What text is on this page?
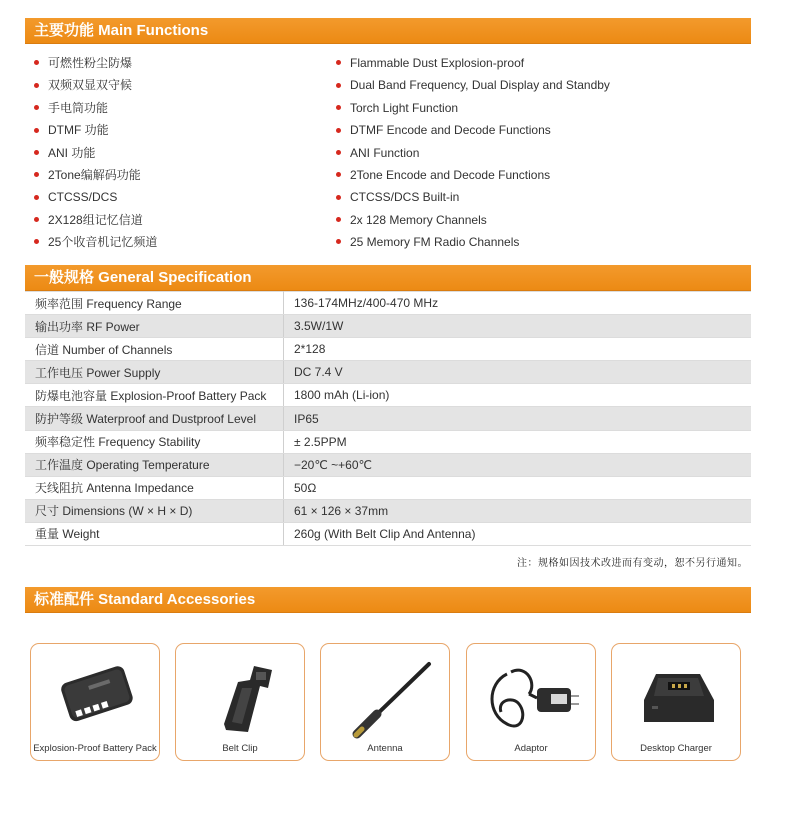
主要功能 Main Functions
可燃性粉尘防爆
双频双显双守候
手电筒功能
DTMF 功能
ANI 功能
2Tone编解码功能
CTCSS/DCS
2X128组记忆信道
25个收音机记忆频道
Flammable Dust Explosion-proof
Dual Band Frequency, Dual Display and Standby
Torch Light Function
DTMF Encode and Decode Functions
ANI Function
2Tone Encode and Decode Functions
CTCSS/DCS Built-in
2x 128 Memory Channels
25 Memory FM Radio Channels
一般规格 General Specification
频率范围 Frequency Range	136-174MHz/400-470 MHz
输出功率 RF Power	3.5W/1W
信道 Number of Channels	2*128
工作电压 Power Supply	DC 7.4 V
防爆电池容量 Explosion-Proof Battery Pack	1800 mAh (Li-ion)
防护等级 Waterproof and Dustproof Level	IP65
频率稳定性 Frequency Stability	± 2.5PPM
工作温度 Operating Temperature	−20℃ ~+60℃
天线阻抗 Antenna Impedance	50Ω
尺寸 Dimensions (W × H × D)	61 × 126 × 37mm
重量 Weight	260g (With Belt Clip And Antenna)
注：规格如因技术改进而有变动，恕不另行通知。
标准配件 Standard Accessories
Explosion-Proof Battery Pack	Belt Clip	Antenna	Adaptor	Desktop Charger
